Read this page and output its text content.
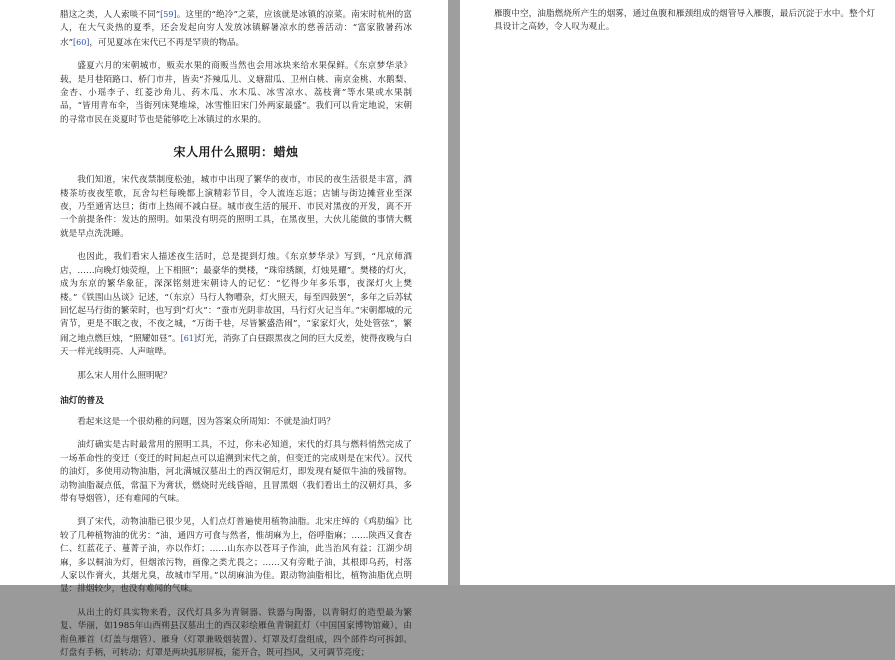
腊这之类，人人索啖不同”[59]。这里的“绝冷”之菜，应该就是冰镇的凉菜。南宋时杭州的富人，在大气炎热的夏季，还会发起向穷人发放冰镇解暑凉水的慈善活动：“富家散暑药冰水”[60]，可见夏冰在宋代已不再是罕贵的物品。

盛夏六月的宋朝城市，贩卖水果的商贩当然也会用冰块来给水果保鲜。《东京梦华录》载，是月巷陌路口、桥门市井，皆卖“芥辣瓜儿、义塘甜瓜、卫州白桃、南京金桃、水鹅梨、金杏、小瑶李子、红菱沙角儿、药木瓜、水木瓜、冰雪凉水、荔枝膏”等水果或水果制品，“皆用青布伞，当街列床凳堆垛，冰雪惟旧宋门外两家最盛”。我们可以肯定地说，宋朝的寻常市民在炎夏时节也是能够吃上冰镇过的水果的。

宋人用什么照明：蜡烛

我们知道，宋代夜禁制度松弛，城市中出现了繁华的夜市，市民的夜生活很是丰富，酒楼茶坊夜夜笙歌，瓦舍勾栏每晚都上演精彩节目，令人流连忘返；店铺与街边摊营业至深夜，乃至通宵达旦；街市上热闹不减白昼。城市夜生活的展开、市民对黑夜的开发，离不开一个前提条件：发达的照明。如果没有明亮的照明工具，在黑夜里，大伙儿能做的事情大概就是早点洗洗睡。

也因此，我们看宋人描述夜生活时，总是提到灯烛。《东京梦华录》写到，“凡京师酒店，……向晚灯烛荧煌，上下相照”；最豪华的樊楼，“珠帘绣额，灯烛晃耀”。樊楼的灯火，成为东京的繁华象征，深深铭刻进宋朝诗人的记忆：“忆得少年多乐事，夜深灯火上樊楼。”《铁围山丛谈》记述，“（东京）马行人物嘈杂，灯火照天，每至四鼓罢”，多年之后苏轼回忆起马行街的繁荣时，也写到“灯火”：“蚕市光阴非故国，马行灯火记当年。”宋朝都城的元宵节，更是不眠之夜，不夜之城，“万街千巷，尽皆繁盛浩闹”，“家家灯火，处处管弦”，繁闹之地点燃巨烛，“照耀如昼”。[61]灯光，消弥了白昼跟黑夜之间的巨大反差，使得夜晚与白天一样光线明亮、人声喧哗。

那么宋人用什么照明呢？

油灯的普及

看起来这是一个很幼稚的问题，因为答案众所周知：不就是油灯吗？

油灯确实是古时最常用的照明工具，不过，你未必知道，宋代的灯具与燃料悄然完成了一场革命性的变迁（变迁的时间起点可以追溯到宋代之前，但变迁的完成则是在宋代）。汉代的油灯，多使用动物油脂，河北满城汉墓出土的西汉铜卮灯，即发现有疑似牛油的残留物。动物油脂凝点低，常温下为膏状，燃烧时光线昏暗，且冒黑烟（我们看出土的汉朝灯具，多带有导烟管），还有难闻的气味。

到了宋代，动物油脂已很少见，人们点灯普遍使用植物油脂。北宋庄绰的《鸡肋编》比较了几种植物油的优劣：“油，通四方可食与然者，惟胡麻为上，俗呼脂麻；……陕西又食杏仁、红蓝花子、蔓菁子油，亦以作灯；……山东亦以苍耳子作油，此当治风有益；江湖少胡麻，多以桐油为灯，但烟浓污物，画像之类尤畏之；……又有旁毗子油，其根即乌药，村落人家以作膏火，其烟尤臭，故城市罕用。”以胡麻油为佳。跟动物油脂相比，植物油脂优点明显：排烟较少，也没有难闻的气味。

从出土的灯具实物来看，汉代灯具多为青铜器、铁器与陶器，以青铜灯的造型最为繁复、华丽，如1985年山西朔县汉墓出土的西汉彩绘雁鱼青铜釭灯（中国国家博物馆藏），由衔鱼雁首（灯盖与烟管）、雁身（灯罩兼吸烟装置）、灯罩及灯盘组成，四个部件均可拆卸。灯盘有手柄，可转动；灯罩是两块弧形屏板，能开合，既可挡风，又可调节亮度；

雁腹中空，油脂燃烧所产生的烟雾，通过鱼腹和雁颈组成的烟管导入雁腹，最后沉淀于水中。整个灯具设计之高妙，令人叹为观止。
